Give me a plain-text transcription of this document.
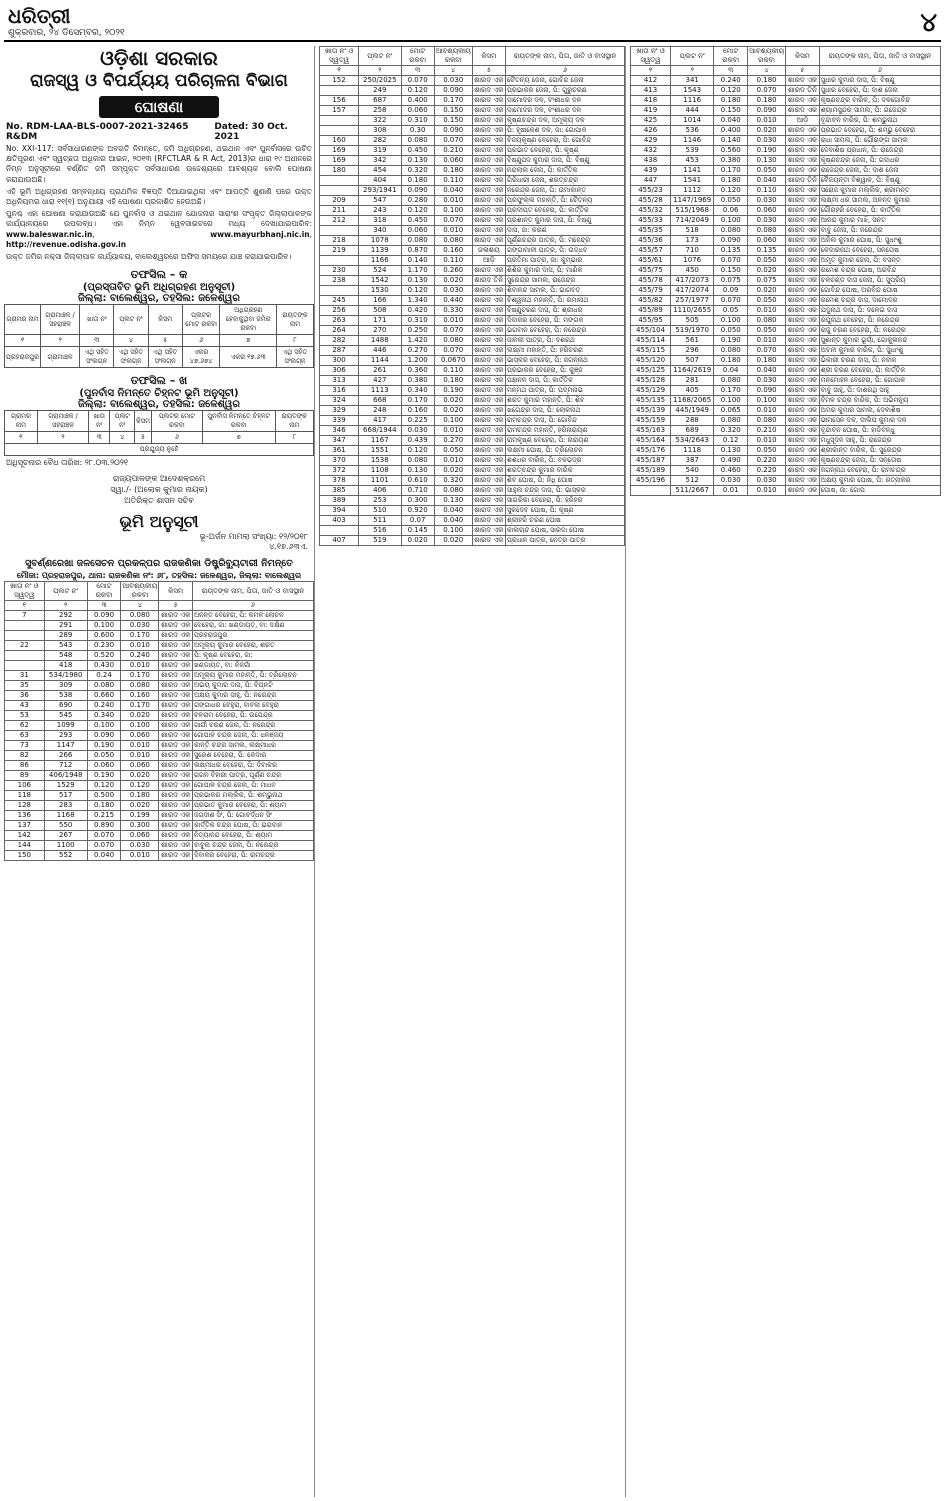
ଧରିତ୍ରୀ
ଶୁକ୍ରବାର, ୨୪ ଡିସେମ୍ବର, ୨୦୨୧	୪
ଓଡ଼ିଶା ସରକାର
ରାଜସ୍ୱ ଓ ବିପର୍ଯ୍ୟୟ ପରିଚାଳନା ବିଭାଗ
ଘୋଷଣା
No. RDM-LAA-BLS-0007-2021-32465 R&DM
Dated: 30 Oct. 2021

No. XXI-117: ସର୍ବସାଧାରଣଙ୍କ ଅବଗତି ନିମନ୍ତେ, ଜମି ଅଧିଗ୍ରହଣ, ଥଇଥାନ ଏବଂ ପୁନର୍ବାସରେ ଉଚିତ କ୍ଷତିପୂରଣ ଏବଂ ସ୍ୱଚ୍ଛତା ଅଧିକାର ଆଇନ, ୨୦୧୩ (RFCTLAR & R Act, 2013)ର ଧାରା ୧୯ ଅଧୀନରେ ନିମ୍ନ ଅନୁସୂଚୀରେ ବର୍ଣ୍ଣିତ ଜମି ସମ୍ପୃକ୍ତ ସର୍ବସାଧାରଣ ଉଦ୍ଦେଶ୍ୟରେ ଆବଶ୍ୟକ ବୋଲି ଘୋଷଣା କରାଯାଉଅଛି।

ଏହି ଭୂମି ଅଧିଗ୍ରହଣ ସମ୍ବନ୍ଧୀୟ ପ୍ରାଥମିକ ବିଜ୍ଞପ୍ତି ଦିଆଯାଇଥିଲା ଏବଂ ଆପତ୍ତି ଶୁଣାଣି ପରେ ଉକ୍ତ ଅଧିନିୟମର ଧାରା ୧୧(୧) ଅନୁଯାୟୀ ଏହି ଘୋଷଣା ପ୍ରକାଶିତ ହେଉଅଛି।

ପୁନଶ୍ଚ ଏହା ଘୋଷଣା କରାଯାଉଅଛି ଯେ ପୁନର୍ବାସ ଓ ଥଇଥାନ ଯୋଜନାର ସାରାଂଶ ସଂପୃକ୍ତ ଜିଲ୍ଲାପାଳଙ୍କ କାର୍ଯ୍ୟାଳୟରେ ଉପଲବ୍ଧ। ଏହା ନିମ୍ନ ୱେବସାଇଟରେ ମଧ୍ୟ ଦେଖାଯାଇପାରିବ: www.baleswar.nic.in, www.mayurbhanj.nic.in, http://revenue.odisha.gov.in

ଉକ୍ତ ଜମିର ନକ୍ସା ଜିଲ୍ଲାପାଳ କାର୍ଯ୍ୟାଳୟ, ବାଲେଶ୍ୱରରେ ଅଫିସ ସମୟରେ ଯାଞ୍ଚ କରାଯାଇପାରିବ।

ତଫସିଲ – କ
(ପ୍ରସ୍ତାବିତ ଭୂମି ଅଧିଗ୍ରହଣ ଅନୁସୂଚୀ)
ଜିଲ୍ଲା: ବାଲେଶ୍ୱର, ତହସିଲ: ଜଳେଶ୍ୱର
ଗ୍ରାମର ନାମ	ଗ୍ରାମାଞ୍ଚଳ / ସହରାଞ୍ଚଳ	ଖାତା ନଂ	ପ୍ଲଟ ନଂ	କିସମ	ପ୍ଲଟର ମୋଟ ରକବା	ଅଧିଗ୍ରହଣ ହେବାକୁଥିବା ଜମିର ରକବା	ରାୟତଙ୍କ ନାମ
୧	୨	୩	୪	୫	୬	୭	୮
ପ୍ରହରାଜପୁର	ଗ୍ରାମାଞ୍ଚଳ	ଏଥି ସହିତ ସଂଲଗ୍ନ	ଏଥି ସହିତ ସଂଲଗ୍ନ	ଏଥି ସହିତ ସଂଲଗ୍ନ	ଏକର ୪୭.୬୭୪	ଏକର ୧୭.୬୩	ଏଥି ସହିତ ସଂଲଗ୍ନ
ତଫସିଲ – ଖ
(ପୁନର୍ବାସ ନିମନ୍ତେ ଚିହ୍ନଟ ଭୂମି ଅନୁସୂଚୀ)
ଜିଲ୍ଲା: ବାଲେଶ୍ୱର, ତହସିଲ: ଜଳେଶ୍ୱର
ଗ୍ରାମର ନାମ	ଗ୍ରାମାଞ୍ଚଳ / ସହରାଞ୍ଚଳ	ଖାତା ନଂ	ପ୍ଲଟ ନଂ	କିସମ	ପ୍ଲଟର ମୋଟ ରକବା	ପୁନର୍ବାସ ନିମନ୍ତେ ଚିହ୍ନଟ ରକବା	ରାୟତଙ୍କ ନାମ
୧	୨	୩	୪	୫	୬	୭	୮
ପ୍ରଯୁଜ୍ୟ ନୁହେଁ							
ଅଧିସୂଚନାର ବୈଧ ତାରିଖ: ୨୮.୦୩.୨୦୨୧
ରାଜ୍ୟପାଳଙ୍କ ଆଦେଶକ୍ରମେ
ସ୍ୱା./- (ଅଲୋକ କୁମାର ନାୟକ)
ଅତିରିକ୍ତ ଶାସନ ସଚିବ
ଭୂମି ଅନୁସୂଚୀ
ଭୂ-ଅର୍ଜନ ମାମଲା ସଂଖ୍ୟା: ୧୨/୨୦୧୮
୪.୧୭.୬୩ଏ.
ସୁବର୍ଣ୍ଣରେଖା ଜଳସେଚନ ପ୍ରକଳ୍ପର ରାଜକଣିକା ଡିଷ୍ଟ୍ରିବ୍ୟୁଟାରୀ ନିମନ୍ତେ
ମୌଜା: ପ୍ରହରାଜପୁର, ଥାନା: ରାଜକଣିକା ନଂ: ୬୮, ତହସିଲ: ଜଳେଶ୍ୱର, ଜିଲ୍ଲା: ବାଲେଶ୍ୱର
ଖାତା ନଂ ଓ ସ୍ୱତ୍ୱ	ପ୍ଲଟ ନଂ	ମୋଟ ରକବା	ଆବଶ୍ୟକୀୟ ରକବା	କିସମ	ରାୟତଙ୍କ ନାମ, ପିତା, ଜାତି ଓ ବାସସ୍ଥାନ
୧	୨	୩	୪	୫	୬
7	292	0.090	0.080	ଶାରଦ ଏକ	ଅନନ୍ତ ବେହେରା, ପି: କମଳ ଲୋଚନ
	291	0.100	0.030	ଶାରଦ ଏକ	ବେହେରା, ଜା: ଖଣ୍ଡାୟତ, ବା: ଦକ୍ଷିଣ
	289	0.600	0.170	ଶାରଦ ଏକ	ପ୍ରହରାଜପୁର
22	543	0.230	0.010	ଶାରଦ ଏକ	ଅମୂଲ୍ୟ କୁମାର ବେହେରା, ଶରତ
	548	0.520	0.240	ଶାରଦ ଏକ	ପି: କୃଷ୍ଣ ବେହେରା, ଜା:
	418	0.430	0.010	ଶାରଦ ଏକ	ଖଣ୍ଡାୟତ, ବା: ନିଜଗାଁ
31	534/1980	0.24	0.170	ଶାରଦ ଏକ	ଅମୂଲ୍ୟ କୁମାର ମହାନ୍ତି, ପି: ତ୍ରିଲୋଚନ
35	309	0.080	0.080	ଶାରଦ ଏକ	ଅଭୟ କୁମାର ଦାସ, ପି: ବିଘ୍ନଟି
36	538	0.660	0.160	ଶାରଦ ଏକ	ଅକ୍ଷୟ କୁମାର ସାହୁ, ପି: ନରେନ୍ଦ୍ର
43	690	0.240	0.170	ଶାରଦ ଏକ	ଗଙ୍ଗାଧର ବେହୁରା, ବାବଲା ବେହୁରା
53	545	0.340	0.020	ଶାରଦ ଏକ	ବଳରାମ ବେହେରା, ପି: ଉପେନ୍ଦ୍ର
62	1099	0.100	0.100	ଶାରଦ ଏକ	ଗାର୍ଗୀ ଚରଣ ଜେନା, ପି: ନରେନ୍ଦ୍ର
63	293	0.090	0.060	ଶାରଦ ଏକ	ଗୋପାଳ ଚନ୍ଦ୍ର ଜେନା, ପି: ଧନଞ୍ଜୟ
73	1147	0.190	0.010	ଶାରଦ ଏକ	କାନ୍ତି ଚନ୍ଦ୍ର ସାମଲ, ଲକ୍ଷ୍ମୀଧର
82	266	0.050	0.010	ଶାରଦ ଏକ	ସୁରେଶ ବେହେରା, ପି: କେଦାର
86	712	0.060	0.060	ଶାରଦ ଏକ	ଲକ୍ଷ୍ମୀଧର ବେହେରା, ପି: ଦିବାକର
89	406/1948	0.190	0.020	ଶାରଦ ଏକ	ଗଗନ ବିହାରୀ ପାତ୍ର, ପୂର୍ଣ୍ଣ ଚନ୍ଦ୍ର
106	1529	0.120	0.120	ଶାରଦ ଏକ	ଗୋପାଳ ଚନ୍ଦ୍ର ଜେନା, ପି: ମାଧବ
118	517	0.500	0.180	ଶାରଦ ଏକ	ପ୍ରଭାକର ମଲ୍ଲିକ, ପି: ଶମ୍ଭୁନାଥ
128	283	0.180	0.020	ଶାରଦ ଏକ	ପ୍ରଭାତ କୁମାର ବେହେରା, ପି: ଶ୍ୟାମ
136	1168	0.215	0.199	ଶାରଦ ଏକ	ଜଗଦୀଶ ସିଂ, ପି: ଗୋବର୍ଦ୍ଧନ ସିଂ
137	550	0.890	0.300	ଶାରଦ ଏକ	କାର୍ତ୍ତିକ ଚନ୍ଦ୍ର ଘୋଷ, ପି: ଭଗବାନ
142	267	0.070	0.060	ଶାରଦ ଏକ	ନିତ୍ୟାନନ୍ଦ ବେହେରା, ପି: ଶ୍ୟାମ
144	1100	0.070	0.030	ଶାରଦ ଏକ	ବାବୁଲ ଚନ୍ଦ୍ର ଜେନା, ପି: ନରେନ୍ଦ୍ର
150	552	0.040	0.010	ଶାରଦ ଏକ	ଦିବାକର ବେହେରା, ପି: ରାମଚନ୍ଦ୍ର
ଖାତା ନଂ ଓ ସ୍ୱତ୍ୱ	ପ୍ଲଟ ନଂ	ମୋଟ ରକବା	ଆବଶ୍ୟକୀୟ ରକବା	କିସମ	ରାୟତଙ୍କ ନାମ, ପିତା, ଜାତି ଓ ବାସସ୍ଥାନ
୧	୨	୩	୪	୫	୬
152	250/2025	0.070	0.030	ଶାରଦ ଏକ	ଚୈତନ୍ୟ ଜେନା, ଗୋବିନ୍ଦ ଜେନା
	249	0.120	0.090	ଶାରଦ ଏକ	ପ୍ରଭାକର ଜେନା, ପି: ଗୁରୁଚରଣ
156	687	0.400	0.170	ଶାରଦ ଏକ	ଦାମୋଦର ଦଳ, ବଂଶୀଧର ଦଳ
157	258	0.060	0.150	ଶାରଦ ଏକ	ଦାମୋଦର ଦଳ, ବଂଶୀଧର ଦଳ
	322	0.310	0.150	ଶାରଦ ଏକ	କୃଷ୍ଣଚନ୍ଦ୍ର ଦଳ, ଅମୂଲ୍ୟ ଦଳ
	308	0.30	0.090	ଶାରଦ ଏକ	ପି: ହୃଷୀକେଶ ଦଳ, ଜା: ଗୋପାଳ
160	282	0.080	0.070	ଶାରଦ ଏକ	ବିଜୟକୃଷ୍ଣ ବେହେରା, ପି: ଗୋବିନ୍ଦ
169	319	0.450	0.210	ଶାରଦ ଏକ	ପ୍ରଭାତ ବେହେରା, ପି: କୃଷ୍ଣ
169	342	0.130	0.060	ଶାରଦ ଏକ	ବିଷ୍ଣୁପଦ କୁମାର ଦାସ, ପି: ବିଷ୍ଣୁ
180	454	0.320	0.180	ଶାରଦ ଏକ	ନନ୍ଦଲାଲ ଜେନା, ପି: କାର୍ତ୍ତିକ
	404	0.180	0.110	ଶାରଦ ଏକ	ଗିରିଧାରୀ ଜେନା, ଶରତ୍ଚନ୍ଦ୍ର
	293/1941	0.090	0.040	ଶାରଦ ଏକ	ନରେନ୍ଦ୍ର ଜେନା, ପି: ଉମାକାନ୍ତ
209	547	0.280	0.010	ଶାରଦ ଏକ	ପ୍ରଫୁଲ୍ଲ ମହାନ୍ତି, ପି: ଚୈତନ୍ୟ
211	243	0.120	0.100	ଶାରଦ ଏକ	ପ୍ରଦୀପ୍ତ ବେହେରା, ପି: କାର୍ତ୍ତିକ
212	318	0.450	0.070	ଶାରଦ ଏକ	ପ୍ରଶାନ୍ତ କୁମାର ଦାସ, ପି: ବିଷ୍ଣୁ
	340	0.060	0.010	ଶାରଦ ଏକ	ଦାସ, ଜା: କରଣ
218	1078	0.080	0.080	ଶାରଦ ଏକ	ପୂର୍ଣ୍ଣଚନ୍ଦ୍ର ପାତ୍ର, ପି: ମହେନ୍ଦ୍ର
219	1139	0.870	0.160	ଜଳାଶୟ	ଗଙ୍ଗାମାଳୀ ପାତ୍ର, ପି: ଉଦ୍ଧବ
	1166	0.140	0.110	ଆଡ଼ି	ପ୍ରତିମା ପାତ୍ର, ଜା: କୁମ୍ଭାର
230	524	1.170	0.260	ଶାରଦ ଏକ	ଶିଶିର କୁମାର ଦାସ, ପି: ମାଣିକ
238	1542	0.130	0.020	ଶାରଦ ତିନି	ସୁରେନ୍ଦ୍ର ସାମଲ, ରାଜେନ୍ଦ୍ର
	1530	0.120	0.030	ଶାରଦ ଏକ	ଶିବାନନ୍ଦ ସାମଲ, ପି: ଭାଗବତ
245	166	1.340	0.440	ଶାରଦ ଏକ	ବିଶ୍ୱନାଥ ମହାନ୍ତି, ପି: ରମାନାଥ
256	508	0.420	0.330	ଶାରଦ ଏକ	ବିଷ୍ଣୁଚରଣ ଦାସ, ପି: ଶ୍ରୀଧର
263	171	0.310	0.010	ଶାରଦ ଏକ	ଦିବାକର ବେହେରା, ପି: ମଙ୍ଗଳ
264	270	0.250	0.070	ଶାରଦ ଏକ	ଭଗବାନ ବେହେରା, ପି: ନରେନ୍ଦ୍ର
282	1488	1.420	0.080	ଶାରଦ ଏକ	ଜାନକୀ ପାତ୍ର, ପି: ଦଶରଥ
287	446	0.270	0.070	ଶାରଦ ଏକ	ଲକ୍ଷ୍ମୀ ମହାନ୍ତି, ପି: ହରିଚରଣ
300	1144	1.200	0.0670	ଶାରଦ ଏକ	ଭାସ୍କର ବେହେରା, ପି: ଜଗନ୍ନାଥ
306	261	0.360	0.110	ଶାରଦ ଏକ	ପ୍ରଭାକର ବେହେରା, ପି: କୁଞ୍ଜ
313	427	0.380	0.180	ଶାରଦ ଏକ	ପଞ୍ଚାନନ ଦାସ, ପି: କାର୍ତ୍ତିକ
316	1113	0.340	0.190	ଶାରଦ ଏକ	ମନ୍ମଥ ପାତ୍ର, ପି: ପଦ୍ମନାଭ
324	668	0.170	0.020	ଶାରଦ ଏକ	ଶରତ କୁମାର ମହାନ୍ତି, ପି: ଶିବ
329	248	0.160	0.020	ଶାରଦ ଏକ	ଖଗେନ୍ଦ୍ର ଦାସ, ପି: ଲୋକନାଥ
339	417	0.225	0.100	ଶାରଦ ଏକ	ରାମଚନ୍ଦ୍ର ଦାସ, ପି: ଗୋବିନ୍ଦ
346	668/1944	0.030	0.010	ଶାରଦ ଏକ	ରାମଚନ୍ଦ୍ର ମହାନ୍ତି, ହରିନାରାୟଣ
347	1167	0.439	0.270	ଶାରଦ ଏକ	ରାମକୃଷ୍ଣ ବେହେରା, ପି: ନାରାୟଣ
361	1551	0.120	0.050	ଶାରଦ ଏକ	ଲକ୍ଷ୍ମୀ ଘୋଷ, ପି: ତ୍ରିଲୋଚନ
370	1538	0.080	0.010	ଶାରଦ ଏକ	ଶଶଧର ବାରିକ, ପି: ବଳଭଦ୍ର
372	1108	0.130	0.020	ଶାରଦ ଏକ	ଶରତ୍ଚନ୍ଦ୍ର କୁମାର ବାରିକ
378	1101	0.610	0.320	ଶାରଦ ଏକ	ଶିବ ଘୋଷ, ପି: ନିଧି ଘୋଷ
385	406	0.710	0.080	ଶାରଦ ଏକ	ସାହୁଲ ଚନ୍ଦ୍ର ଦାସ, ପି: ଭାସ୍କର
389	253	0.300	0.130	ଶାରଦ ଏକ	ସାଗରିକା ବେହେରା, ପି: ହରିହର
394	510	0.920	0.040	ଶାରଦ ଏକ	ସୁକଦେବ ଘୋଷ, ପି: କୃଷ୍ଣ
403	511	0.07	0.040	ଶାରଦ ଏକ	ଶ୍ରୀହରି ଚରଣ ଘୋଷ
	516	0.145	0.100	ଶାରଦ ଏକ	କାଳାଚାନ୍ଦ ଘୋଷ, ସାରଦା ଘୋଷ
407	519	0.020	0.020	ଶାରଦ ଏକ	ପ୍ରଧାନ ପାତ୍ର, ନେତ୍ର ପାତ୍ର
ଖାତା ନଂ ଓ ସ୍ୱତ୍ୱ	ପ୍ଲଟ ନଂ	ମୋଟ ରକବା	ଆବଶ୍ୟକୀୟ ରକବା	କିସମ	ରାୟତଙ୍କ ନାମ, ପିତା, ଜାତି ଓ ବାସସ୍ଥାନ
୧	୨	୩	୪	୫	୬
412	341	0.240	0.180	ଶାରଦ ଏକ	ସୁଧୀର କୁମାର ଦାସ, ପି: ବିଷ୍ଣୁ
413	1543	0.120	0.070	ଶାରଦ ତିନି	ସୁଧୀର ବେହେରା, ପି: ଦାଶ ଜେନା
418	1116	0.180	0.180	ଶାରଦ ଏକ	କୃଷ୍ଣଚନ୍ଦ୍ର ବାରିକ, ପି: ଦଳଗୋବିନ୍ଦ
419	444	0.150	0.090	ଶାରଦ ଏକ	ଶ୍ୟାମସୁନ୍ଦର ସାମଲ, ପି: ଗଜେନ୍ଦ୍ର
425	1014	0.040	0.010	ଆଡ଼ି	ବୃନ୍ଦାବନ ବାରିକ, ପି: ଶମ୍ଭୁନାଥ
426	536	0.400	0.020	ଶାରଦ ଏକ	ପ୍ରଭାତ ବେହେରା, ପି: ଶମ୍ଭୁ ବେହେରା
429	1146	0.140	0.030	ଶାରଦ ଏକ	ରାଧା ସାମଲ, ପି: ଗୌରାଙ୍ଗ ସାମଲ
432	539	0.560	0.190	ଶାରଦ ଏକ	ଦେବାଶିଷ ପ୍ରଧାନ, ପି: ରାଜେନ୍ଦ୍ର
438	453	0.380	0.130	ଶାରଦ ଏକ	କୃଷ୍ଣଚନ୍ଦ୍ର ଜେନା, ପି: ଗଦାଧର
439	1141	0.170	0.050	ଶାରଦ ଏକ	ରାଜେନ୍ଦ୍ର ଜେନା, ପି: ଦାଶ ଜେନା
447	1541	0.180	0.040	ଶାରଦ ତିନି	ବୈଜୟନ୍ତୀ ବିଶ୍ୱାଳ, ପି: ବିଷ୍ଣୁ
455/23	1112	0.120	0.110	ଶାରଦ ଏକ	ସରୋଜ କୁମାର ମଲ୍ଲିକ, ଶ୍ରୀମନ୍ତ
455/28	1147/1969	0.050	0.030	ଶାରଦ ଏକ	ଲକ୍ଷ୍ମୀ ଧର ସାମଲ, ଅନନ୍ତ କୁମାର
455/32	515/1968	0.06	0.060	ଶାରଦ ଏକ	ଗୌରହରି ବେହେରା, ପି: କାର୍ତ୍ତିକ
455/33	714/2049	0.100	0.030	ଶାରଦ ଏକ	ଆନନ୍ଦ କୁମାର ମାଝି, ସନତ
455/35	518	0.080	0.080	ଶାରଦ ଏକ	ବାବୁ ଜେନା, ପି: ନରେନ୍ଦ୍ର
455/36	173	0.090	0.060	ଶାରଦ ଏକ	ଅନିଲ କୁମାର ଘୋଷ, ପି: ସୁଧାଂଶୁ
455/57	710	0.135	0.135	ଶାରଦ ଏକ	କେଦାରନାଥ ବେହେରା, ସନ୍ତୋଷ
455/61	1076	0.070	0.050	ଶାରଦ ଏକ	ଅମୃତ କୁମାର ଜେନା, ପି: ବସନ୍ତ
455/75	450	0.150	0.020	ଶାରଦ ଏକ	ରମେଶ ଚନ୍ଦ୍ର ଘୋଷ, ଅରବିନ୍ଦ
455/78	417/2073	0.075	0.075	ଶାରଦ ଏକ	ଚଳଚଣ୍ଡ ଦାସ ଜେନା, ପି: ସୁପ୍ରିୟ
455/79	417/2074	0.09	0.020	ଶାରଦ ଏକ	ଗୋବିନ୍ଦ ଘୋଷ, ଅରବିନ୍ଦ ଘୋଷ
455/82	257/1977	0.070	0.050	ଶାରଦ ଏକ	ରମେଶ ଚନ୍ଦ୍ର ଦାସ, ଦାମୋଦର
455/89	1110/2655	0.05	0.010	ଶାରଦ ଏକ	ଯଦୁନାଥ ଦାସ, ପି: ଦଳେଇ ଦାସ
455/95	505	0.100	0.080	ଶାରଦ ଏକ	ରଘୁନାଥ ବେହେରା, ପି: ନରେନ୍ଦ୍ର
455/104	519/1970	0.050	0.050	ଶାରଦ ଏକ	ରାଜୁ ଚରଣ ବେହେରା, ପି: ନରେନ୍ଦ୍ର
455/114	561	0.190	0.010	ଶାରଦ ଏକ	ସୁଶାନ୍ତ କୁମାର ଭୂୟାଁ, ଗୋକୁଳାନନ୍ଦ
455/115	296	0.080	0.070	ଶାରଦ ଏକ	ଅବନୀ କୁମାର ବାରିକ, ପି: ସୁଧାଂଶୁ
455/120	507	0.180	0.180	ଶାରଦ ଏକ	ଭିକାରୀ ଚରଣ ଦାସ, ପି: ନବୀନ
455/125	1164/2619	0.04	0.040	ଶାରଦ ଏକ	ଶ୍ରୀ ଚରଣ ବେହେରା, ପି: କାର୍ତ୍ତିକ
455/128	281	0.080	0.030	ଶାରଦ ଏକ	ମନମୋହନ ବେହେରା, ପି: ଗୋପାଳ
455/129	405	0.170	0.090	ଶାରଦ ଏକ	ବାବୁ ସାହୁ, ପି: ଦାଶରଥି ସାହୁ
455/135	1168/2065	0.100	0.100	ଶାରଦ ଏକ	ବିମଳ ଚନ୍ଦ୍ର ବାରିକ, ପି: ଅଭିମନ୍ୟୁ
455/139	445/1949	0.065	0.010	ଶାରଦ ଏକ	ଅମର କୁମାର ସାମଲ, ଦେବାଶିଷ
455/159	288	0.080	0.080	ଶାରଦ ଏକ	ଭୀମସେନ ଦଳ, ଦୀଲିପ କୁମାର ଦଳ
455/163	689	0.320	0.210	ଶାରଦ ଏକ	ବୃନ୍ଦାବନ ଘୋଷ, ପି: ହାଡ଼ିବନ୍ଧୁ
455/164	534/2643	0.12	0.010	ଶାରଦ ଏକ	ମଧୁସୂଦନ ସାହୁ, ପି: ରାଜେନ୍ଦ୍ର
455/176	1118	0.130	0.050	ଶାରଦ ଏକ	ଶ୍ରୀକାନ୍ତ ବାରିକ, ପି: ସୁରେନ୍ଦ୍ର
455/187	387	0.490	0.220	ଶାରଦ ଏକ	କୃଷ୍ଣଚନ୍ଦ୍ର ଜେନା, ପି: ସନ୍ତୋଷ
455/189	540	0.460	0.220	ଶାରଦ ଏକ	ଜଗନ୍ନାଥ ବେହେରା, ପି: ରାମଚନ୍ଦ୍ର
455/196	512	0.030	0.030	ଶାରଦ ଏକ	ଅକ୍ଷୟ କୁମାର ଘୋଷ, ପି: ରତ୍ନାକର
	511/2667	0.01	0.010	ଶାରଦ ଏକ	ଘୋଷ, ଜା: ଗୋପ
